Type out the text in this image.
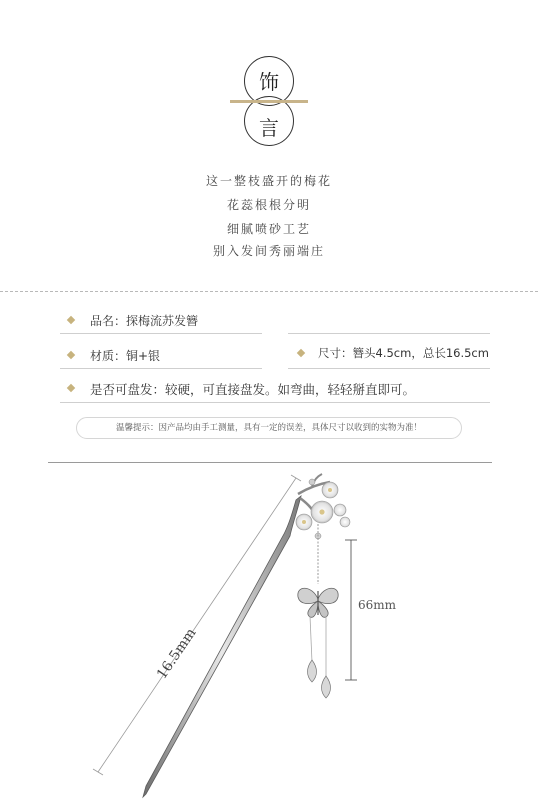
饰
言
这一整枝盛开的梅花
花蕊根根分明
细腻喷砂工艺
别入发间秀丽端庄
品名：探梅流苏发簪
材质：铜+银	尺寸：簪头4.5cm，总长16.5cm
是否可盘发：较硬，可直接盘发。如弯曲，轻轻掰直即可。
温馨提示：因产品均由手工测量，具有一定的误差，具体尺寸以收到的实物为准！
16.5mm
66mm
